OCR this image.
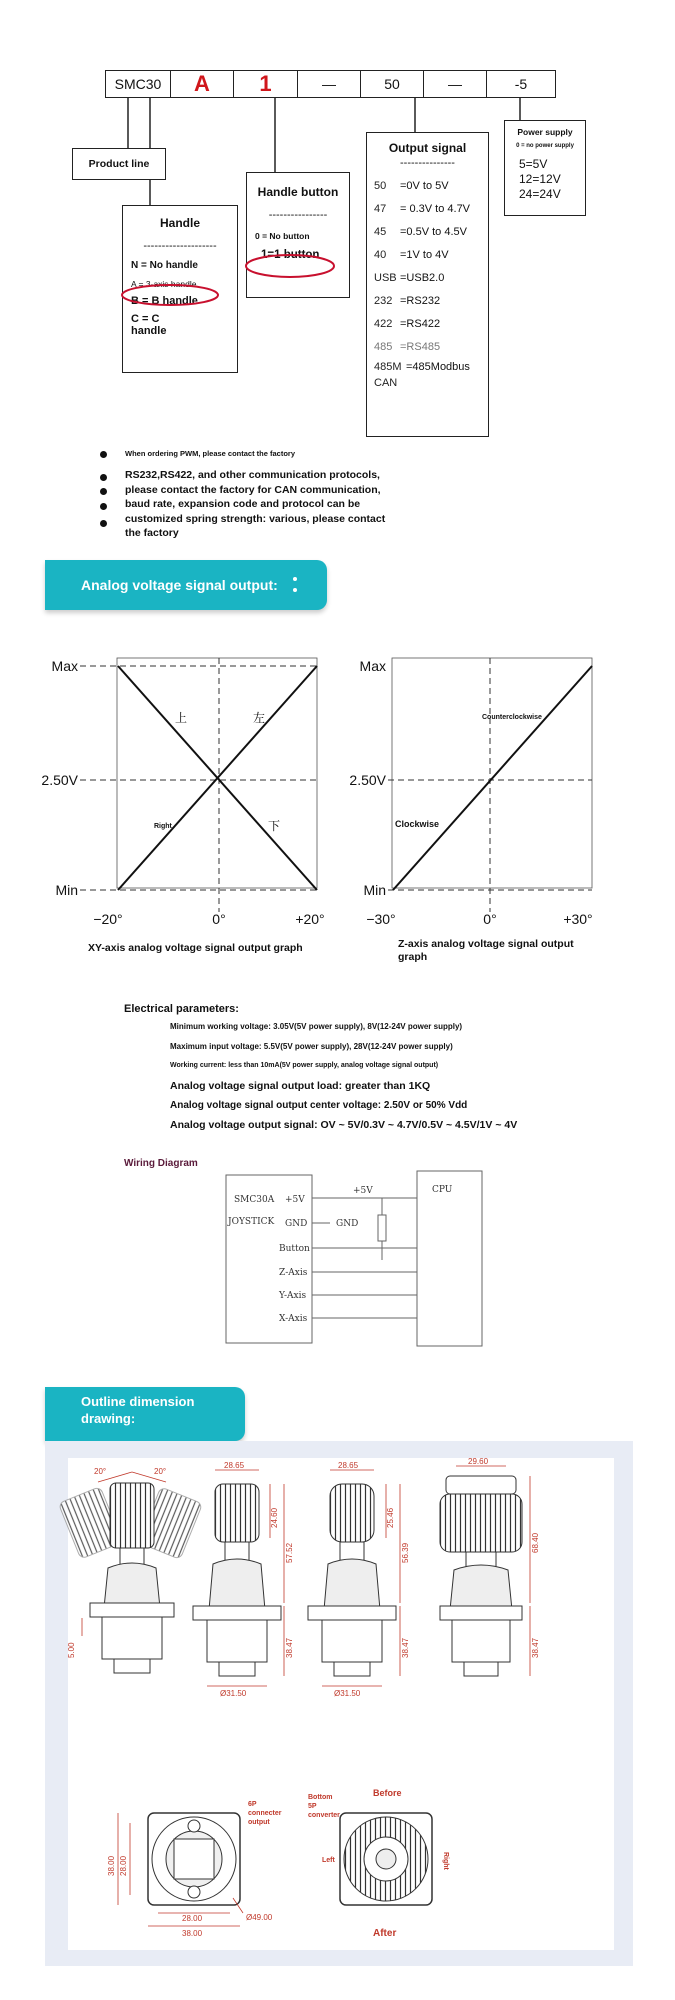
SMC30	A	1	—	50	—	-5
Product line
Handle
--------------------
N = No handle
A = 3-axis handle
B = B handle
C = C
handle
Handle button
----------------
0 = No button
1=1 button
Output signal
---------------
50 =0V to 5V
47 = 0.3V to 4.7V
45 =0.5V to 4.5V
40 =1V to 4V
USB =USB2.0
232 =RS232
422 =RS422
485 =RS485
485M =485Modbus
CAN
Power supply
0 = no power supply
5=5V
12=12V
24=24V
When ordering PWM, please contact the factory
RS232,RS422, and other communication protocols,
please contact the factory for CAN communication,
baud rate, expansion code and protocol can be
customized spring strength: various, please contact
the factory
Analog voltage signal output:
Max
2.50V
Min
−20°	0°	+20°
上	左
Right	下
Max
2.50V
Min
−30°	0°	+30°
Counterclockwise
Clockwise
XY-axis analog voltage signal output graph	Z-axis analog voltage signal output
graph
Electrical parameters:
Minimum working voltage: 3.05V(5V power supply), 8V(12-24V power supply)
Maximum input voltage: 5.5V(5V power supply), 28V(12-24V power supply)
Working current: less than 10mA(5V power supply, analog voltage signal output)
Analog voltage signal output load: greater than 1KQ
Analog voltage signal output center voltage: 2.50V or 50% Vdd
Analog voltage output signal: OV ~ 5V/0.3V ~ 4.7V/0.5V ~ 4.5V/1V ~ 4V
Wiring Diagram
SMC30A
JOYSTICK
+5V
GND
Button
Z-Axis
Y-Axis
X-Axis
+5V
GND
CPU
Outline dimension
drawing:
20°	20°
5.00
28.65
24.60
57.52
38.47
Ø31.50
28.65
25.46
56.39
38.47
Ø31.50
29.60
68.40
38.47
6P
connecter
output
28.00
38.00
28.00
38.00
Ø49.00
Bottom
5P
converter
Before
After
Left	Right
